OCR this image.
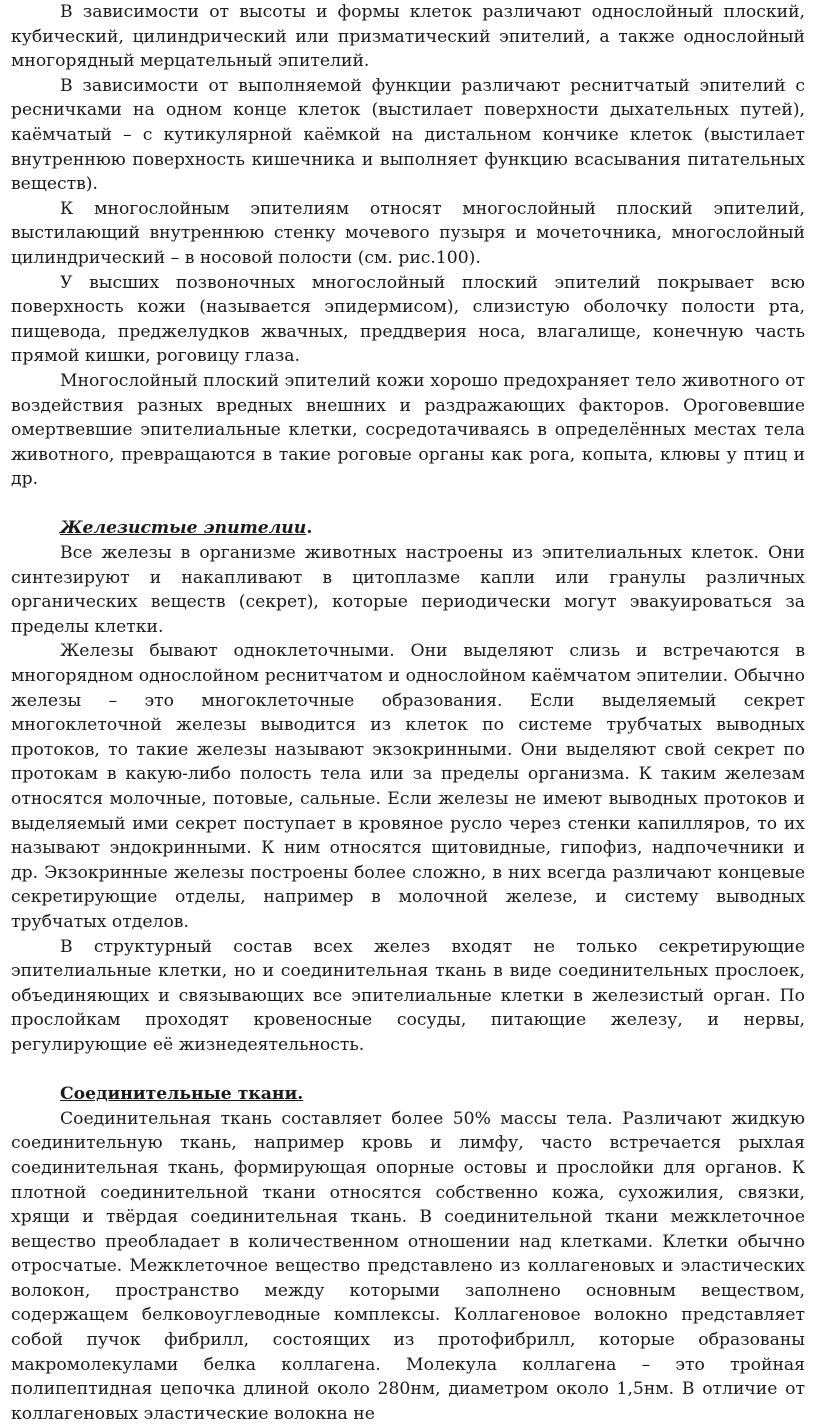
В зависимости от высоты и формы клеток различают однослойный плоский, кубический, цилиндрический или призматический эпителий, а также однослойный многорядный мерцательный эпителий.

В зависимости от выполняемой функции различают реснитчатый эпителий с ресничками на одном конце клеток (выстилает поверхности дыхательных путей), каёмчатый – с кутикулярной каёмкой на дистальном кончике клеток (выстилает внутреннюю поверхность кишечника и выполняет функцию всасывания питательных веществ).

К многослойным эпителиям относят многослойный плоский эпителий, выстилающий внутреннюю стенку мочевого пузыря и мочеточника, многослойный цилиндрический – в носовой полости (см. рис.100).

У высших позвоночных многослойный плоский эпителий покрывает всю поверхность кожи (называется эпидермисом), слизистую оболочку полости рта, пищевода, преджелудков жвачных, преддверия носа, влагалище, конечную часть прямой кишки, роговицу глаза.

Многослойный плоский эпителий кожи хорошо предохраняет тело животного от воздействия разных вредных внешних и раздражающих факторов. Ороговевшие омертвевшие эпителиальные клетки, сосредотачиваясь в определённых местах тела животного, превращаются в такие роговые органы как рога, копыта, клювы у птиц и др.

Железистые эпителии.

Все железы в организме животных настроены из эпителиальных клеток. Они синтезируют и накапливают в цитоплазме капли или гранулы различных органических веществ (секрет), которые периодически могут эвакуироваться за пределы клетки.

Железы бывают одноклеточными. Они выделяют слизь и встречаются в многорядном однослойном реснитчатом и однослойном каёмчатом эпителии. Обычно железы – это многоклеточные образования. Если выделяемый секрет многоклеточной железы выводится из клеток по системе трубчатых выводных протоков, то такие железы называют экзокринными. Они выделяют свой секрет по протокам в какую-либо полость тела или за пределы организма. К таким железам относятся молочные, потовые, сальные. Если железы не имеют выводных протоков и выделяемый ими секрет поступает в кровяное русло через стенки капилляров, то их называют эндокринными. К ним относятся щитовидные, гипофиз, надпочечники и др. Экзокринные железы построены более сложно, в них всегда различают концевые секретирующие отделы, например в молочной железе, и систему выводных трубчатых отделов.

В структурный состав всех желез входят не только секретирующие эпителиальные клетки, но и соединительная ткань в виде соединительных прослоек, объединяющих и связывающих все эпителиальные клетки в железистый орган. По прослойкам проходят кровеносные сосуды, питающие железу, и нервы, регулирующие её жизнедеятельность.

Соединительные ткани.

Соединительная ткань составляет более 50% массы тела. Различают жидкую соединительную ткань, например кровь и лимфу, часто встречается рыхлая соединительная ткань, формирующая опорные остовы и прослойки для органов. К плотной соединительной ткани относятся собственно кожа, сухожилия, связки, хрящи и твёрдая соединительная ткань. В соединительной ткани межклеточное вещество преобладает в количественном отношении над клетками. Клетки обычно отросчатые. Межклеточное вещество представлено из коллагеновых и эластических волокон, пространство между которыми заполнено основным веществом, содержащем белковоуглеводные комплексы. Коллагеновое волокно представляет собой пучок фибрилл, состоящих из протофибрилл, которые образованы макромолекулами белка коллагена. Молекула коллагена – это тройная полипептидная цепочка длиной около 280нм, диаметром около 1,5нм. В отличие от коллагеновых эластические волокна не
